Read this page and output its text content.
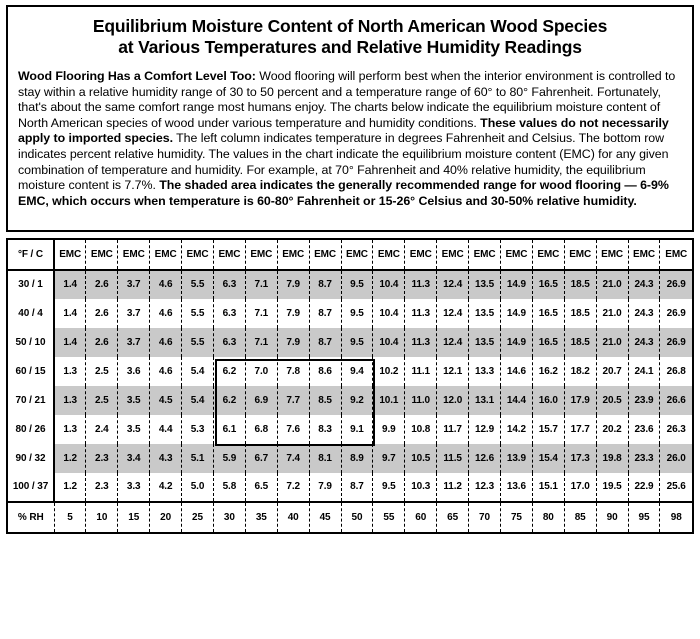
Equilibrium Moisture Content of North American Wood Species
at Various Temperatures and Relative Humidity Readings

Wood Flooring Has a Comfort Level Too: Wood flooring will perform best when the interior environment is controlled to stay within a relative humidity range of 30 to 50 percent and a temperature range of 60° to 80° Fahrenheit. Fortunately, that's about the same comfort range most humans enjoy. The charts below indicate the equilibrium moisture content of North American species of wood under various temperature and humidity conditions. These values do not necessarily apply to imported species. The left column indicates temperature in degrees Fahrenheit and Celsius. The bottom row indicates percent relative humidity. The values in the chart indicate the equilibrium moisture content (EMC) for any given combination of temperature and humidity. For example, at 70° Fahrenheit and 40% relative humidity, the equilibrium moisture content is 7.7%. The shaded area indicates the generally recommended range for wood flooring — 6-9% EMC, which occurs when temperature is 60-80° Fahrenheit or 15-26° Celsius and 30-50% relative humidity.

°F / C	EMC	EMC	EMC	EMC	EMC	EMC	EMC	EMC	EMC	EMC	EMC	EMC	EMC	EMC	EMC	EMC	EMC	EMC	EMC	EMC
30 / 1	1.4	2.6	3.7	4.6	5.5	6.3	7.1	7.9	8.7	9.5	10.4	11.3	12.4	13.5	14.9	16.5	18.5	21.0	24.3	26.9
40 / 4	1.4	2.6	3.7	4.6	5.5	6.3	7.1	7.9	8.7	9.5	10.4	11.3	12.4	13.5	14.9	16.5	18.5	21.0	24.3	26.9
50 / 10	1.4	2.6	3.7	4.6	5.5	6.3	7.1	7.9	8.7	9.5	10.4	11.3	12.4	13.5	14.9	16.5	18.5	21.0	24.3	26.9
60 / 15	1.3	2.5	3.6	4.6	5.4	6.2	7.0	7.8	8.6	9.4	10.2	11.1	12.1	13.3	14.6	16.2	18.2	20.7	24.1	26.8
70 / 21	1.3	2.5	3.5	4.5	5.4	6.2	6.9	7.7	8.5	9.2	10.1	11.0	12.0	13.1	14.4	16.0	17.9	20.5	23.9	26.6
80 / 26	1.3	2.4	3.5	4.4	5.3	6.1	6.8	7.6	8.3	9.1	9.9	10.8	11.7	12.9	14.2	15.7	17.7	20.2	23.6	26.3
90 / 32	1.2	2.3	3.4	4.3	5.1	5.9	6.7	7.4	8.1	8.9	9.7	10.5	11.5	12.6	13.9	15.4	17.3	19.8	23.3	26.0
100 / 37	1.2	2.3	3.3	4.2	5.0	5.8	6.5	7.2	7.9	8.7	9.5	10.3	11.2	12.3	13.6	15.1	17.0	19.5	22.9	25.6
% RH	5	10	15	20	25	30	35	40	45	50	55	60	65	70	75	80	85	90	95	98
